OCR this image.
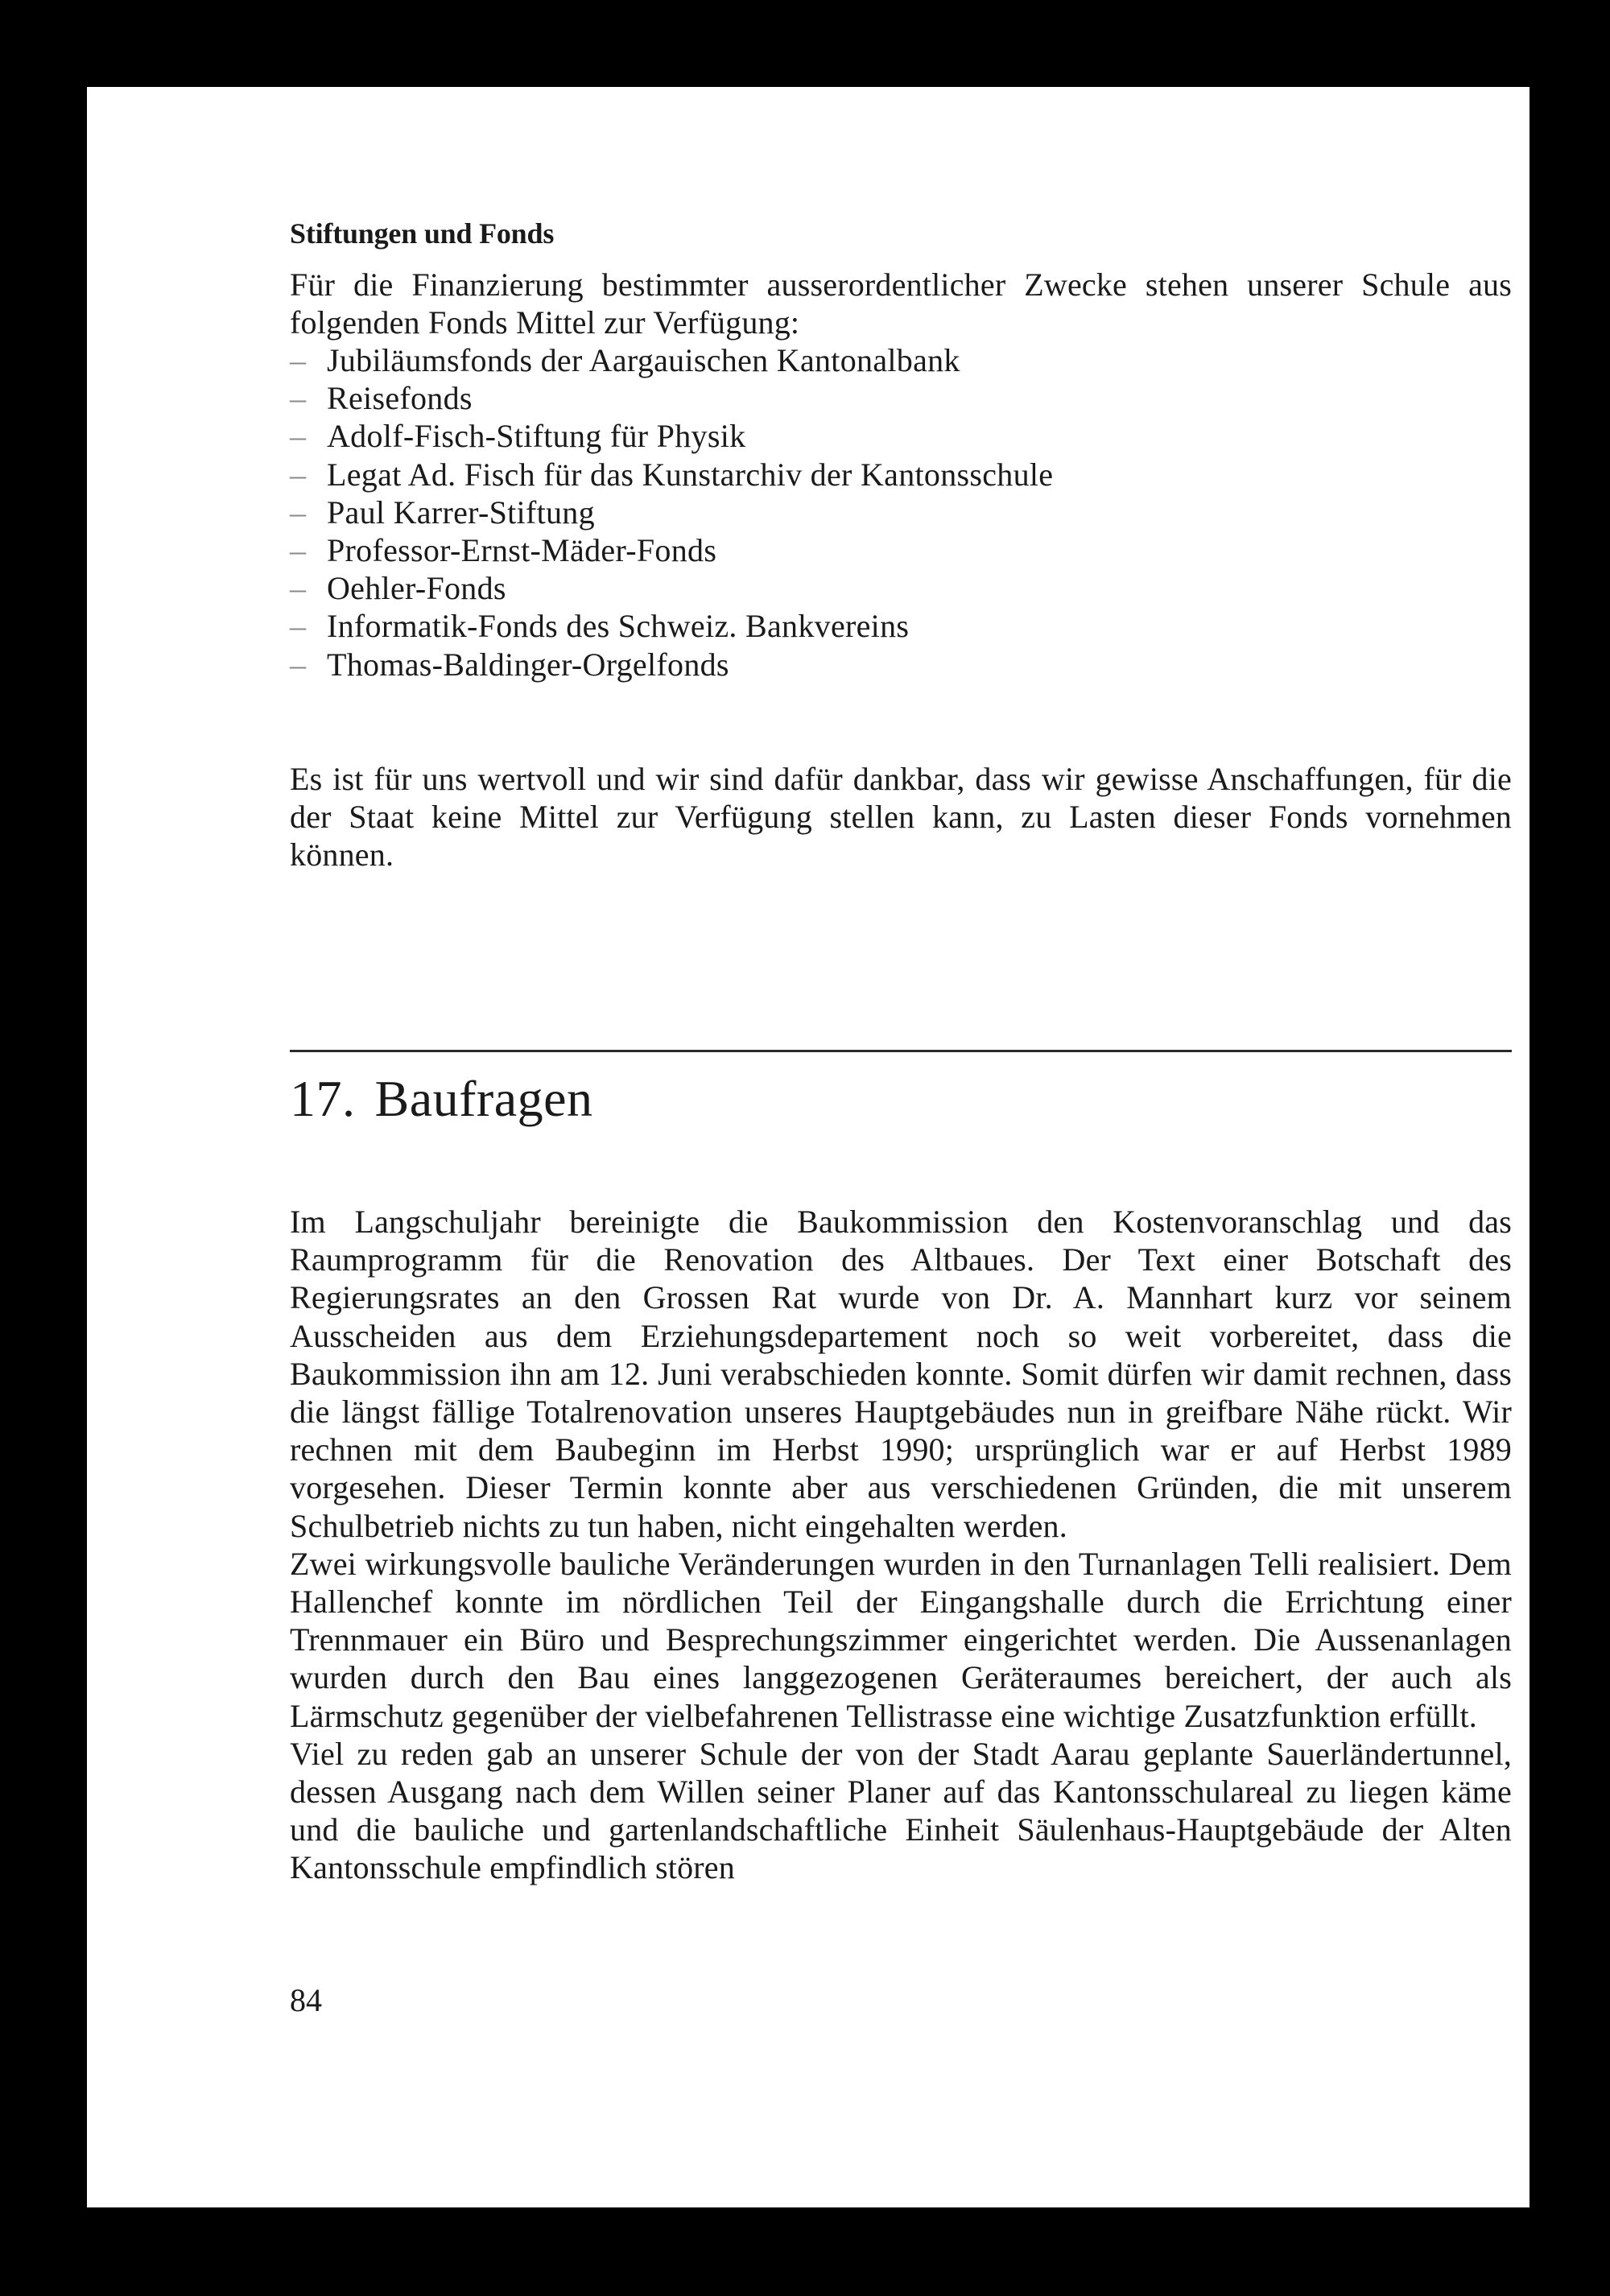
Stiftungen und Fonds

Für die Finanzierung bestimmter ausserordentlicher Zwecke stehen unserer Schule aus folgenden Fonds Mittel zur Verfügung:

– Jubiläumsfonds der Aargauischen Kantonalbank
– Reisefonds
– Adolf-Fisch-Stiftung für Physik
– Legat Ad. Fisch für das Kunstarchiv der Kantonsschule
– Paul Karrer-Stiftung
– Professor-Ernst-Mäder-Fonds
– Oehler-Fonds
– Informatik-Fonds des Schweiz. Bankvereins
– Thomas-Baldinger-Orgelfonds

Es ist für uns wertvoll und wir sind dafür dankbar, dass wir gewisse Anschaffungen, für die der Staat keine Mittel zur Verfügung stellen kann, zu Lasten dieser Fonds vornehmen können.

17. Baufragen

Im Langschuljahr bereinigte die Baukommission den Kostenvoranschlag und das Raumprogramm für die Renovation des Altbaues. Der Text einer Botschaft des Regierungsrates an den Grossen Rat wurde von Dr. A. Mannhart kurz vor seinem Ausscheiden aus dem Erziehungsdepartement noch so weit vorbereitet, dass die Baukommission ihn am 12. Juni verabschieden konnte. Somit dürfen wir damit rechnen, dass die längst fällige Totalrenovation unseres Hauptgebäudes nun in greifbare Nähe rückt. Wir rechnen mit dem Baubeginn im Herbst 1990; ursprünglich war er auf Herbst 1989 vorgesehen. Dieser Termin konnte aber aus verschiedenen Gründen, die mit unserem Schulbetrieb nichts zu tun haben, nicht eingehalten werden.

Zwei wirkungsvolle bauliche Veränderungen wurden in den Turnanlagen Telli realisiert. Dem Hallenchef konnte im nördlichen Teil der Eingangshalle durch die Errichtung einer Trennmauer ein Büro und Besprechungszimmer eingerichtet werden. Die Aussenanlagen wurden durch den Bau eines langgezogenen Geräteraumes bereichert, der auch als Lärmschutz gegenüber der vielbefahrenen Tellistrasse eine wichtige Zusatzfunktion erfüllt.

Viel zu reden gab an unserer Schule der von der Stadt Aarau geplante Sauerländertunnel, dessen Ausgang nach dem Willen seiner Planer auf das Kantonsschulareal zu liegen käme und die bauliche und gartenlandschaftliche Einheit Säulenhaus-Hauptgebäude der Alten Kantonsschule empfindlich stören

84
